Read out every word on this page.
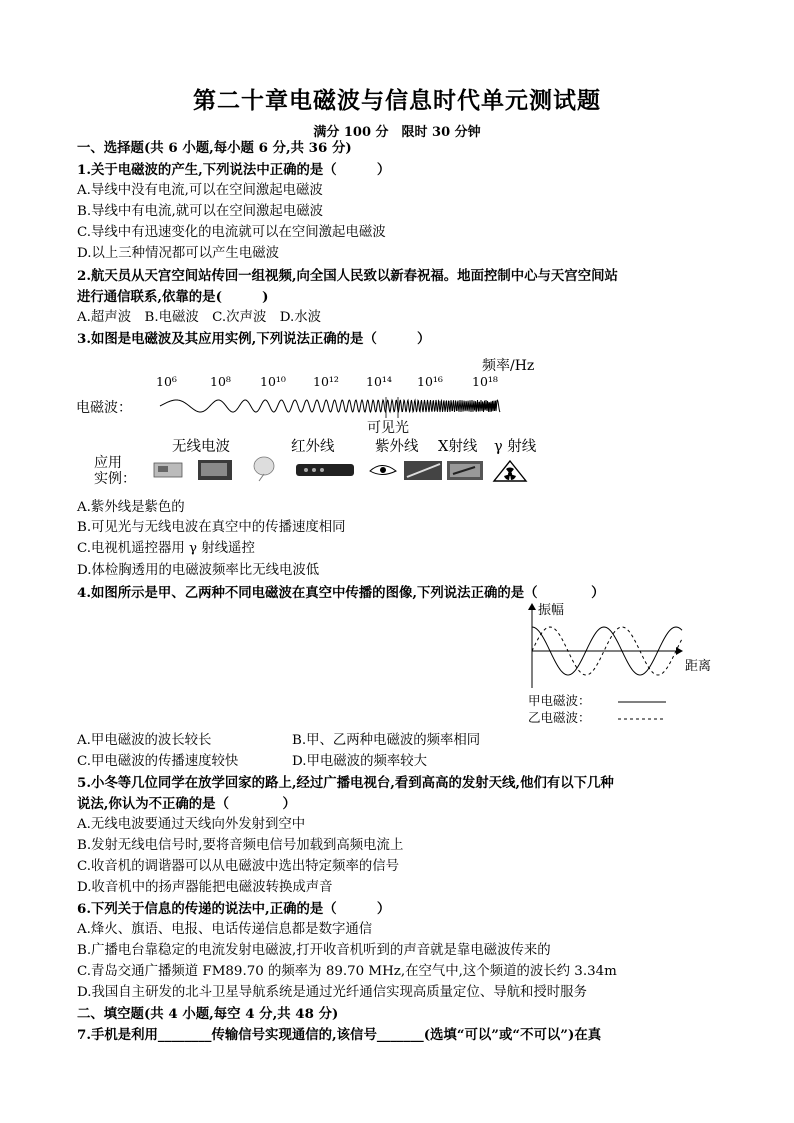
第二十章电磁波与信息时代单元测试题
满分 100 分　限时 30 分钟
一、选择题(共 6 小题,每小题 6 分,共 36 分)
1.关于电磁波的产生,下列说法中正确的是（　　　）
A.导线中没有电流,可以在空间激起电磁波
B.导线中有电流,就可以在空间激起电磁波
C.导线中有迅速变化的电流就可以在空间激起电磁波
D.以上三种情况都可以产生电磁波
2.航天员从天宫空间站传回一组视频,向全国人民致以新春祝福。地面控制中心与天宫空间站
进行通信联系,依靠的是(　　　)
A.超声波　B.电磁波　C.次声波　D.水波
3.如图是电磁波及其应用实例,下列说法正确的是（　　　）
频率/Hz
10⁶	10⁸ 10¹⁰ 10¹² 10¹⁴ 10¹⁶ 10¹⁸
电磁波：
可见光
无线电波	红外线	紫外线 X射线 γ 射线
应用
实例：
A.紫外线是紫色的
B.可见光与无线电波在真空中的传播速度相同
C.电视机遥控器用 γ 射线遥控
D.体检胸透用的电磁波频率比无线电波低
4.如图所示是甲、乙两种不同电磁波在真空中传播的图像,下列说法正确的是（　　　　）
振幅
距离
甲电磁波：
乙电磁波：
A.甲电磁波的波长较长	B.甲、乙两种电磁波的频率相同
C.甲电磁波的传播速度较快	D.甲电磁波的频率较大
5.小冬等几位同学在放学回家的路上,经过广播电视台,看到高高的发射天线,他们有以下几种
说法,你认为不正确的是（　　　　）
A.无线电波要通过天线向外发射到空中
B.发射无线电信号时,要将音频电信号加载到高频电流上
C.收音机的调谐器可以从电磁波中选出特定频率的信号
D.收音机中的扬声器能把电磁波转换成声音
6.下列关于信息的传递的说法中,正确的是（　　　）
A.烽火、旗语、电报、电话传递信息都是数字通信
B.广播电台靠稳定的电流发射电磁波,打开收音机听到的声音就是靠电磁波传来的
C.青岛交通广播频道 FM89.70 的频率为 89.70 MHz,在空气中,这个频道的波长约 3.34m
D.我国自主研发的北斗卫星导航系统是通过光纤通信实现高质量定位、导航和授时服务
二、填空题(共 4 小题,每空 4 分,共 48 分)
7.手机是利用________传输信号实现通信的,该信号_______(选填“可以”或“不可以”)在真
